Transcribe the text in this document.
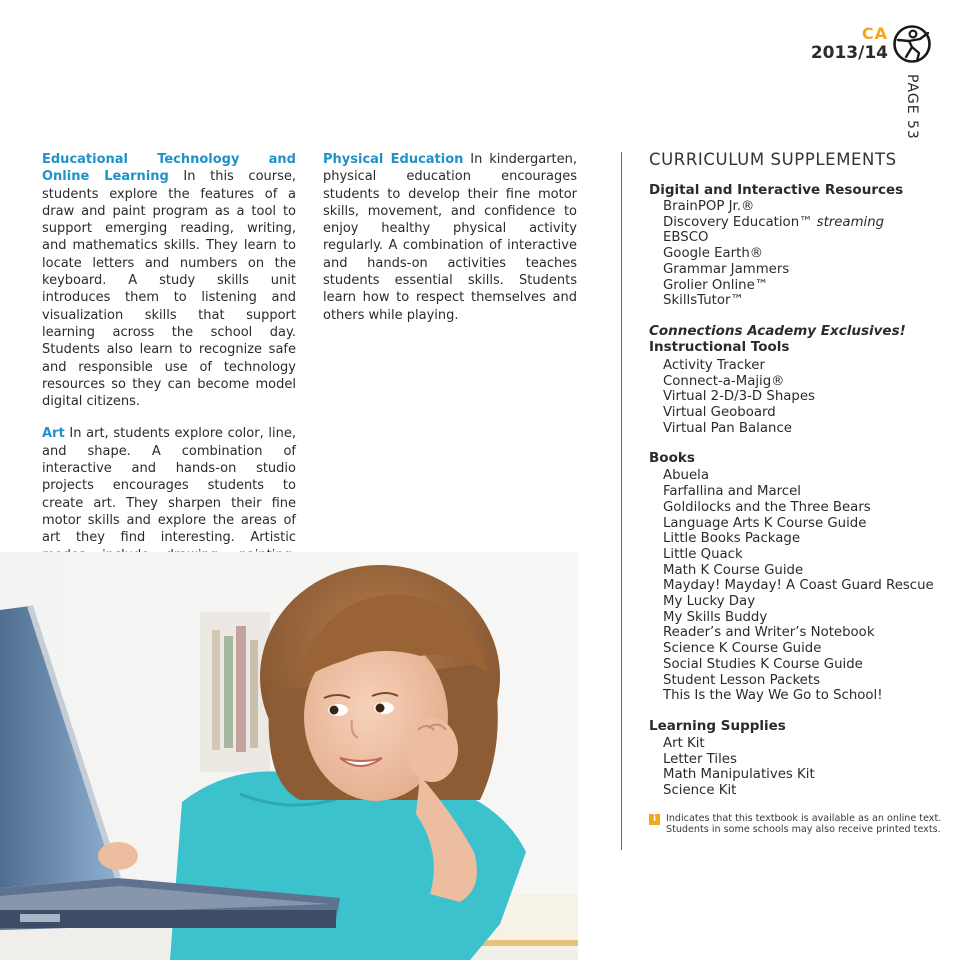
CA
2013/14
PAGE 53

Educational Technology and Online Learning In this course, students explore the features of a draw and paint program as a tool to support emerging reading, writing, and mathematics skills. They learn to locate letters and numbers on the keyboard. A study skills unit introduces them to listening and visualization skills that support learning across the school day. Students also learn to recognize safe and responsible use of technology resources so they can become model digital citizens.

Art In art, students explore color, line, and shape. A combination of interactive and hands-on studio projects encourages students to create art. They sharpen their fine motor skills and explore the areas of art they find interesting. Artistic

Physical Education In kindergarten, physical education encourages students to develop their fine motor skills, movement, and confidence to enjoy healthy physical activity regularly. A combination of interactive and hands-on activities teaches students essential skills. Students learn how to respect themselves and others while playing.

CURRICULUM SUPPLEMENTS
Digital and Interactive Resources
BrainPOP Jr.®
Discovery Education™ streaming
EBSCO
Google Earth®
Grammar Jammers
Grolier Online™
SkillsTutor™
Connections Academy Exclusives!
Instructional Tools
Activity Tracker
Connect-a-Majig®
Virtual 2-D/3-D Shapes
Virtual Geoboard
Virtual Pan Balance
Books
Abuela
Farfallina and Marcel
Goldilocks and the Three Bears
Language Arts K Course Guide
Little Books Package
Little Quack
Math K Course Guide
Mayday! Mayday! A Coast Guard Rescue
My Lucky Day
My Skills Buddy
Reader’s and Writer’s Notebook
Science K Course Guide
Social Studies K Course Guide
Student Lesson Packets
This Is the Way We Go to School!
Learning Supplies
Art Kit
Letter Tiles
Math Manipulatives Kit
Science Kit
i	Indicates that this textbook is available as an online text. Students in some schools may also receive printed texts.
